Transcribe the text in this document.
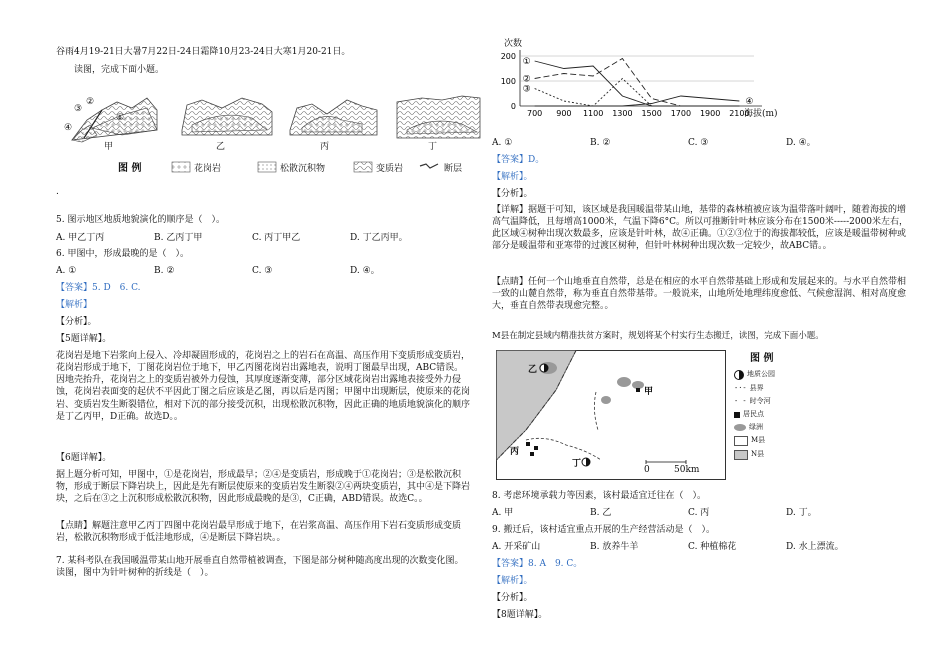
谷雨4月19-21日大暑7月22日-24日霜降10月23-24日大寒1月20-21日。
读图，完成下面小题。
③
②
①
④
甲	乙	丙	丁
图 例	花岗岩	松散沉积物	变质岩	断层
.
5. 图示地区地质地貌演化的顺序是（　）。
A. 甲乙丁丙	B. 乙丙丁甲	C. 丙丁甲乙	D. 丁乙丙甲。
6. 甲图中，形成最晚的是（　）。
A. ①	B. ②	C. ③	D. ④。
【答案】5. D　6. C.
【解析】
【分析】。
【5题详解】。
花岗岩是地下岩浆向上侵入、冷却凝固形成的，花岗岩之上的岩石在高温、高压作用下变质形成变质岩，花岗岩形成于地下，丁图花岗岩位于地下，甲乙丙图花岗岩出露地表，说明丁图最早出现，ABC错误。因地壳抬升，花岗岩之上的变质岩被外力侵蚀，其厚度逐渐变薄，部分区域花岗岩出露地表接受外力侵蚀，花岗岩表面变的起伏不平因此丁图之后应该是乙图，再以后是丙图；甲图中出现断层，使原来的花岗岩、变质岩发生断裂错位，相对下沉的部分接受沉积，出现松散沉积物，因此正确的地质地貌演化的顺序是丁乙丙甲，D正确。故选D。。
【6题详解】。
据上题分析可知，甲图中，①是花岗岩，形成最早；②④是变质岩，形成晚于①花岗岩；③是松散沉积物，形成于断层下降岩块上，因此是先有断层使原来的变质岩发生断裂②④两块变质岩，其中④是下降岩块，之后在③之上沉积形成松散沉积物，因此形成最晚的是③，C正确，ABD错误。故选C。。
【点睛】解题注意甲乙丙丁四图中花岗岩最早形成于地下，在岩浆高温、高压作用下岩石变质形成变质岩，松散沉积物形成于低洼地形成，④是断层下降岩块。。
7. 某科考队在我国暖温带某山地开展垂直自然带植被调查，下图是部分树种随高度出现的次数变化图。读图，图中为针叶树种的折线是（　）。
0
100
200
700 900 1100 1300 1500 1700 1900 2100
①
②
③
④
次数
海拔(m)
A. ①	B. ②	C. ③	D. ④。
【答案】D。
【解析】。
【分析】。
【详解】据题干可知，该区域是我国暖温带某山地，基带的森林植被应该为温带落叶阔叶，随着海拔的增高气温降低，且每增高1000米，气温下降6°C。所以可推断针叶林应该分布在1500米-----2000米左右，此区域④树种出现次数最多，应该是针叶林，故④正确。①②③位于的海拔都较低，应该是暖温带树种或部分是暖温带和亚寒带的过渡区树种，但针叶林树种出现次数一定较少，故ABC错。。
【点睛】任何一个山地垂直自然带，总是在相应的水平自然带基础上形成和发展起来的。与水平自然带相一致的山麓自然带，称为垂直自然带基带。一般说来，山地所处地理纬度愈低、气候愈湿润、相对高度愈大，垂直自然带表现愈完整。。
M县在制定县域内精准扶贫方案时，规划将某个村实行生态搬迁，读图，完成下面小题。
乙
甲
丙
丁
0	50km
图 例
地质公园
-·- 县界
- - 时令河
居民点
绿洲
M县
N县
8. 考虑环境承载力等因素，该村最适宜迁往在（　）。
A. 甲	B. 乙	C. 丙	D. 丁。
9. 搬迁后，该村适宜重点开展的生产经营活动是（　）。
A. 开采矿山	B. 放养牛羊	C. 种植棉花	D. 水上漂流。
【答案】8. A　9. C。
【解析】。
【分析】。
【8题详解】。
